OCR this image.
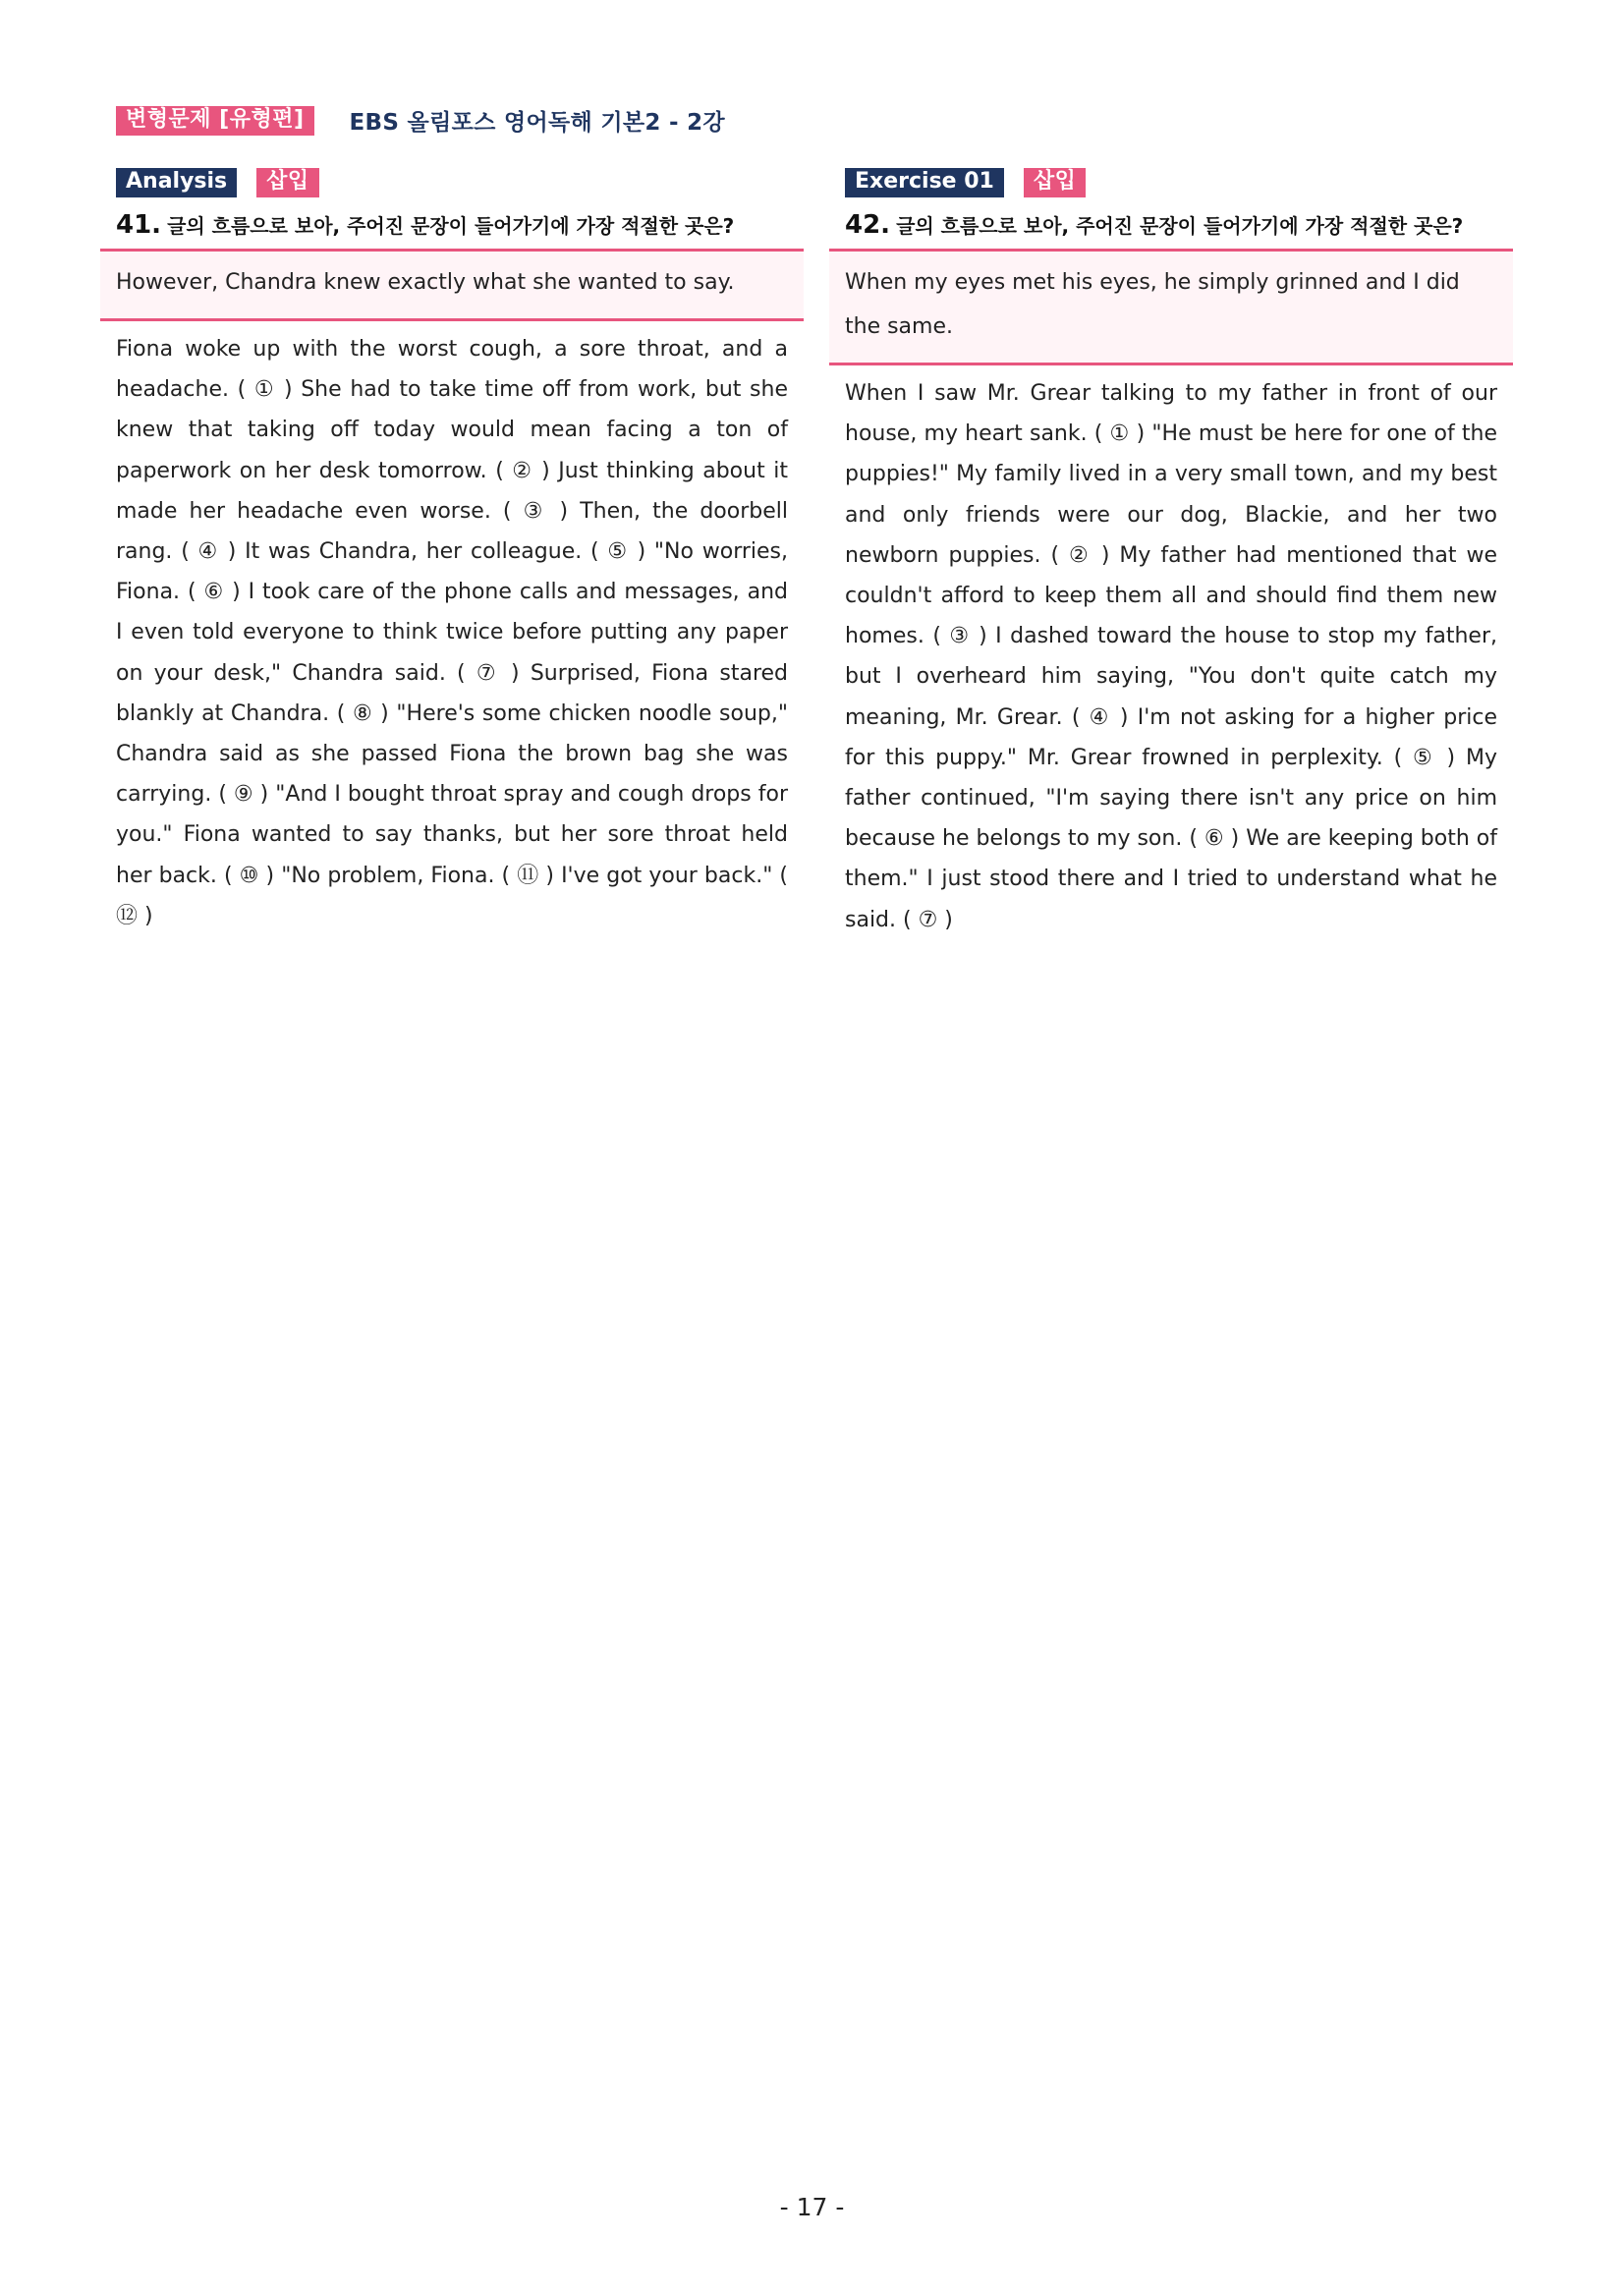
변형문제 [유형편]	EBS 올림포스 영어독해 기본2 - 2강
Analysis	삽입
41. 글의 흐름으로 보아, 주어진 문장이 들어가기에 가장 적절한 곳은?
However, Chandra knew exactly what she wanted to say.
Fiona woke up with the worst cough, a sore throat, and a headache. ( ① ) She had to take time off from work, but she knew that taking off today would mean facing a ton of paperwork on her desk tomorrow. ( ② ) Just thinking about it made her headache even worse. ( ③ ) Then, the doorbell rang. ( ④ ) It was Chandra, her colleague. ( ⑤ ) "No worries, Fiona. ( ⑥ ) I took care of the phone calls and messages, and I even told everyone to think twice before putting any paper on your desk," Chandra said. ( ⑦ ) Surprised, Fiona stared blankly at Chandra. ( ⑧ ) "Here's some chicken noodle soup," Chandra said as she passed Fiona the brown bag she was carrying. ( ⑨ ) "And I bought throat spray and cough drops for you." Fiona wanted to say thanks, but her sore throat held her back. ( ⑩ ) "No problem, Fiona. ( ⑪ ) I've got your back." ( ⑫ )
Exercise 01	삽입
42. 글의 흐름으로 보아, 주어진 문장이 들어가기에 가장 적절한 곳은?
When my eyes met his eyes, he simply grinned and I did the same.
When I saw Mr. Grear talking to my father in front of our house, my heart sank. ( ① ) "He must be here for one of the puppies!" My family lived in a very small town, and my best and only friends were our dog, Blackie, and her two newborn puppies. ( ② ) My father had mentioned that we couldn't afford to keep them all and should find them new homes. ( ③ ) I dashed toward the house to stop my father, but I overheard him saying, "You don't quite catch my meaning, Mr. Grear. ( ④ ) I'm not asking for a higher price for this puppy." Mr. Grear frowned in perplexity. ( ⑤ ) My father continued, "I'm saying there isn't any price on him because he belongs to my son. ( ⑥ ) We are keeping both of them." I just stood there and I tried to understand what he said. ( ⑦ )
- 17 -
